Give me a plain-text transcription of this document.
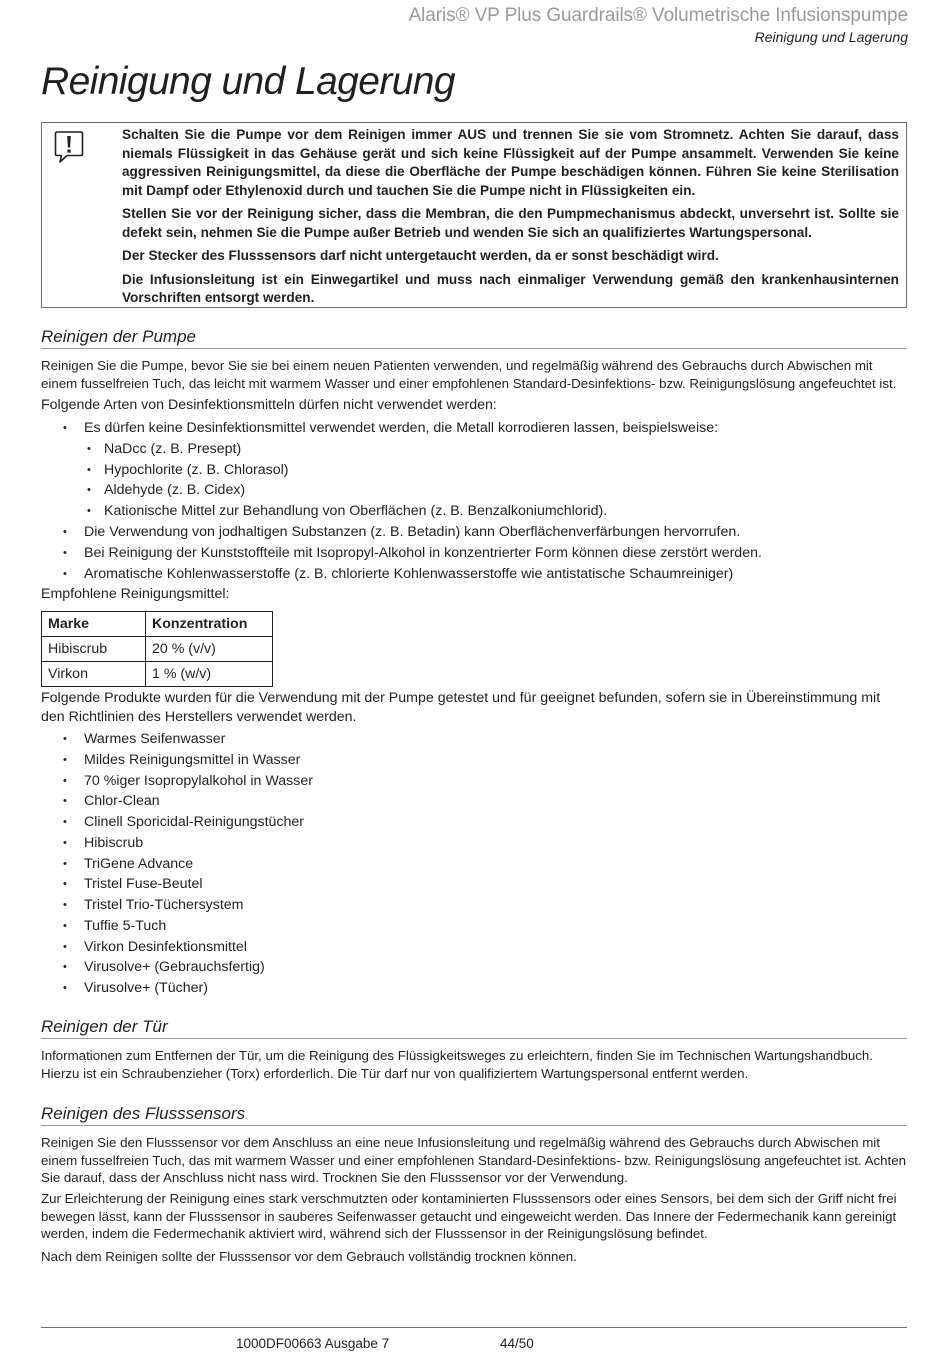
Alaris® VP Plus Guardrails® Volumetrische Infusionspumpe
Reinigung und Lagerung
Reinigung und Lagerung

Schalten Sie die Pumpe vor dem Reinigen immer AUS und trennen Sie sie vom Stromnetz. Achten Sie darauf, dass niemals Flüssigkeit in das Gehäuse gerät und sich keine Flüssigkeit auf der Pumpe ansammelt. Verwenden Sie keine aggressiven Reinigungsmittel, da diese die Oberfläche der Pumpe beschädigen können. Führen Sie keine Sterilisation mit Dampf oder Ethylenoxid durch und tauchen Sie die Pumpe nicht in Flüssigkeiten ein.

Stellen Sie vor der Reinigung sicher, dass die Membran, die den Pumpmechanismus abdeckt, unversehrt ist. Sollte sie defekt sein, nehmen Sie die Pumpe außer Betrieb und wenden Sie sich an qualifiziertes Wartungspersonal.

Der Stecker des Flusssensors darf nicht untergetaucht werden, da er sonst beschädigt wird.

Die Infusionsleitung ist ein Einwegartikel und muss nach einmaliger Verwendung gemäß den krankenhausinternen Vorschriften entsorgt werden.

Reinigen der Pumpe

Reinigen Sie die Pumpe, bevor Sie sie bei einem neuen Patienten verwenden, und regelmäßig während des Gebrauchs durch Abwischen mit einem fusselfreien Tuch, das leicht mit warmem Wasser und einer empfohlenen Standard-Desinfektions- bzw. Reinigungslösung angefeuchtet ist.

Folgende Arten von Desinfektionsmitteln dürfen nicht verwendet werden:

• Es dürfen keine Desinfektionsmittel verwendet werden, die Metall korrodieren lassen, beispielsweise:
• NaDcc (z. B. Presept)
• Hypochlorite (z. B. Chlorasol)
• Aldehyde (z. B. Cidex)
• Kationische Mittel zur Behandlung von Oberflächen (z. B. Benzalkoniumchlorid).
• Die Verwendung von jodhaltigen Substanzen (z. B. Betadin) kann Oberflächenverfärbungen hervorrufen.
• Bei Reinigung der Kunststoffteile mit Isopropyl-Alkohol in konzentrierter Form können diese zerstört werden.
• Aromatische Kohlenwasserstoffe (z. B. chlorierte Kohlenwasserstoffe wie antistatische Schaumreiniger)

Empfohlene Reinigungsmittel:

Marke	Konzentration
Hibiscrub	20 % (v/v)
Virkon	1 % (w/v)

Folgende Produkte wurden für die Verwendung mit der Pumpe getestet und für geeignet befunden, sofern sie in Übereinstimmung mit den Richtlinien des Herstellers verwendet werden.

• Warmes Seifenwasser
• Mildes Reinigungsmittel in Wasser
• 70 %iger Isopropylalkohol in Wasser
• Chlor-Clean
• Clinell Sporicidal-Reinigungstücher
• Hibiscrub
• TriGene Advance
• Tristel Fuse-Beutel
• Tristel Trio-Tüchersystem
• Tuffie 5-Tuch
• Virkon Desinfektionsmittel
• Virusolve+ (Gebrauchsfertig)
• Virusolve+ (Tücher)
Reinigen der Tür

Informationen zum Entfernen der Tür, um die Reinigung des Flüssigkeitsweges zu erleichtern, finden Sie im Technischen Wartungshandbuch. Hierzu ist ein Schraubenzieher (Torx) erforderlich. Die Tür darf nur von qualifiziertem Wartungspersonal entfernt werden.

Reinigen des Flusssensors

Reinigen Sie den Flusssensor vor dem Anschluss an eine neue Infusionsleitung und regelmäßig während des Gebrauchs durch Abwischen mit einem fusselfreien Tuch, das mit warmem Wasser und einer empfohlenen Standard-Desinfektions- bzw. Reinigungslösung angefeuchtet ist. Achten Sie darauf, dass der Anschluss nicht nass wird. Trocknen Sie den Flusssensor vor der Verwendung.

Zur Erleichterung der Reinigung eines stark verschmutzten oder kontaminierten Flusssensors oder eines Sensors, bei dem sich der Griff nicht frei bewegen lässt, kann der Flusssensor in sauberes Seifenwasser getaucht und eingeweicht werden. Das Innere der Federmechanik kann gereinigt werden, indem die Federmechanik aktiviert wird, während sich der Flusssensor in der Reinigungslösung befindet.

Nach dem Reinigen sollte der Flusssensor vor dem Gebrauch vollständig trocknen können.

1000DF00663 Ausgabe 7	44/50
